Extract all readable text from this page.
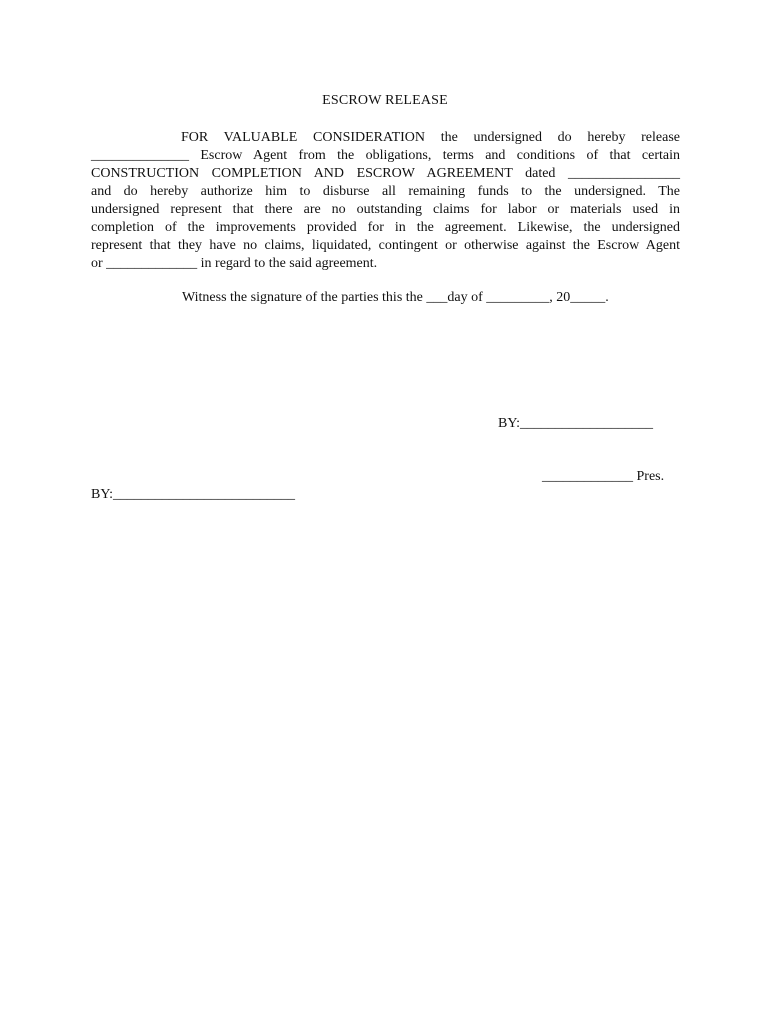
ESCROW RELEASE
FOR VALUABLE CONSIDERATION the undersigned do hereby release
______________ Escrow Agent from the obligations, terms and conditions of that certain
CONSTRUCTION COMPLETION AND ESCROW AGREEMENT dated ________________
and do hereby authorize him to disburse all remaining funds to the undersigned. The
undersigned represent that there are no outstanding claims for labor or materials used in
completion of the improvements provided for in the agreement. Likewise, the undersigned
represent that they have no claims, liquidated, contingent or otherwise against the Escrow Agent
or _____________ in regard to the said agreement.
Witness the signature of the parties this the ___day of _________, 20_____.
BY:___________________
_____________ Pres.
BY:__________________________
